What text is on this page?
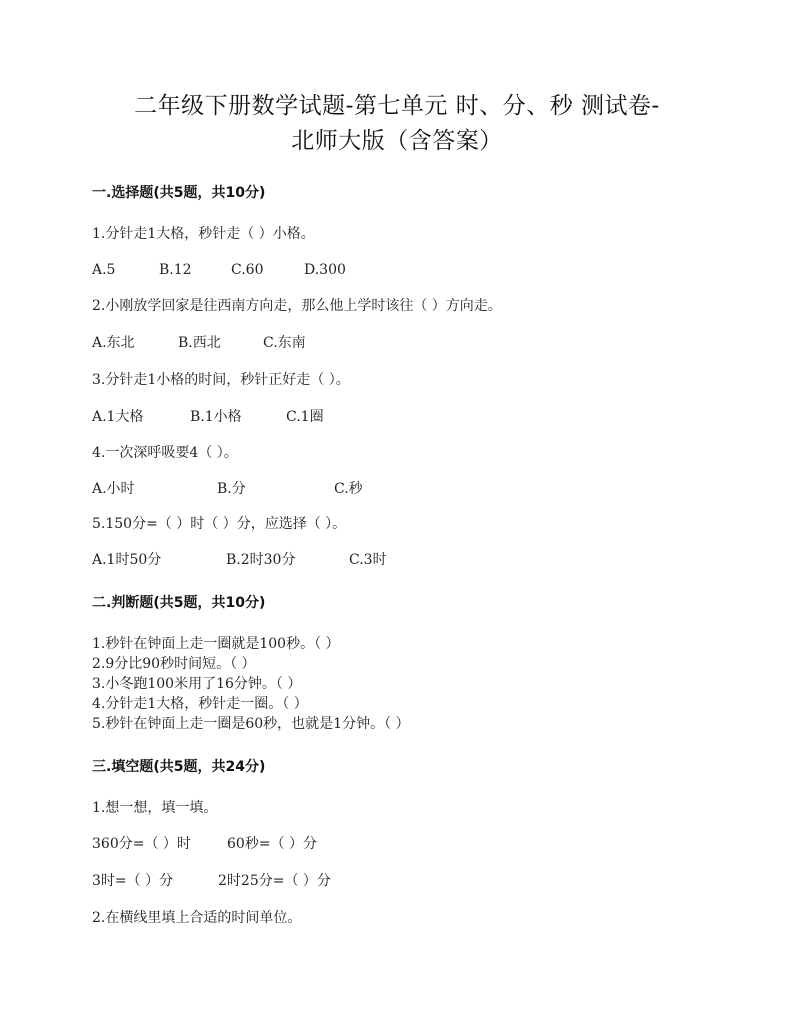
二年级下册数学试题-第七单元 时、分、秒 测试卷-
北师大版（含答案）
一.选择题(共5题，共10分)
1.分针走1大格，秒针走（ ）小格。
A.5	B.12	C.60	D.300
2.小刚放学回家是往西南方向走，那么他上学时该往（ ）方向走。
A.东北	B.西北	C.东南
3.分针走1小格的时间，秒针正好走（ ）。
A.1大格	B.1小格	C.1圈
4.一次深呼吸要4（ ）。
A.小时	B.分	C.秒
5.150分=（ ）时（ ）分，应选择（ ）。
A.1时50分	B.2时30分	C.3时
二.判断题(共5题，共10分)
1.秒针在钟面上走一圈就是100秒。（ ）
2.9分比90秒时间短。（ ）
3.小冬跑100米用了16分钟。（ ）
4.分针走1大格，秒针走一圈。（ ）
5.秒针在钟面上走一圈是60秒，也就是1分钟。（ ）
三.填空题(共5题，共24分)
1.想一想，填一填。
360分=（ ）时	60秒=（ ）分
3时=（ ）分	2时25分=（ ）分
2.在横线里填上合适的时间单位。
